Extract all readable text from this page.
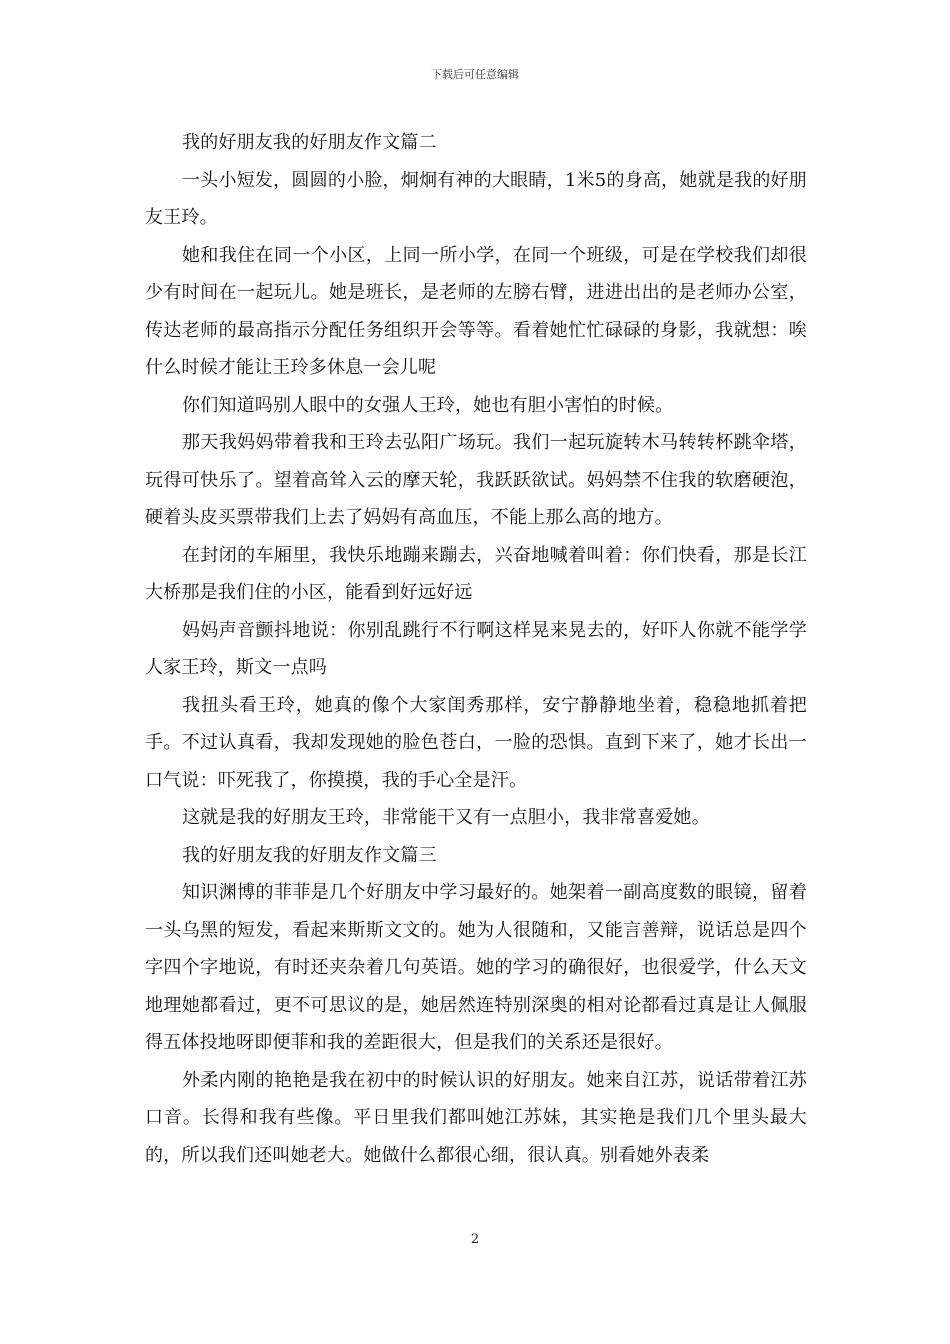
下载后可任意编辑

我的好朋友我的好朋友作文篇二

一头小短发，圆圆的小脸，炯炯有神的大眼睛，1米5的身高，她就是我的好朋友王玲。

她和我住在同一个小区，上同一所小学，在同一个班级，可是在学校我们却很少有时间在一起玩儿。她是班长，是老师的左膀右臂，进进出出的是老师办公室，传达老师的最高指示分配任务组织开会等等。看着她忙忙碌碌的身影，我就想：唉什么时候才能让王玲多休息一会儿呢

你们知道吗别人眼中的女强人王玲，她也有胆小害怕的时候。

那天我妈妈带着我和王玲去弘阳广场玩。我们一起玩旋转木马转转杯跳伞塔，玩得可快乐了。望着高耸入云的摩天轮，我跃跃欲试。妈妈禁不住我的软磨硬泡，硬着头皮买票带我们上去了妈妈有高血压，不能上那么高的地方。

在封闭的车厢里，我快乐地蹦来蹦去，兴奋地喊着叫着：你们快看，那是长江大桥那是我们住的小区，能看到好远好远

妈妈声音颤抖地说：你别乱跳行不行啊这样晃来晃去的，好吓人你就不能学学人家王玲，斯文一点吗

我扭头看王玲，她真的像个大家闺秀那样，安宁静静地坐着，稳稳地抓着把手。不过认真看，我却发现她的脸色苍白，一脸的恐惧。直到下来了，她才长出一口气说：吓死我了，你摸摸，我的手心全是汗。

这就是我的好朋友王玲，非常能干又有一点胆小，我非常喜爱她。

我的好朋友我的好朋友作文篇三

知识渊博的菲菲是几个好朋友中学习最好的。她架着一副高度数的眼镜，留着一头乌黑的短发，看起来斯斯文文的。她为人很随和，又能言善辩，说话总是四个字四个字地说，有时还夹杂着几句英语。她的学习的确很好，也很爱学，什么天文地理她都看过，更不可思议的是，她居然连特别深奥的相对论都看过真是让人佩服得五体投地呀即便菲和我的差距很大，但是我们的关系还是很好。

外柔内刚的艳艳是我在初中的时候认识的好朋友。她来自江苏，说话带着江苏口音。长得和我有些像。平日里我们都叫她江苏妹，其实艳是我们几个里头最大的，所以我们还叫她老大。她做什么都很心细，很认真。别看她外表柔

2
